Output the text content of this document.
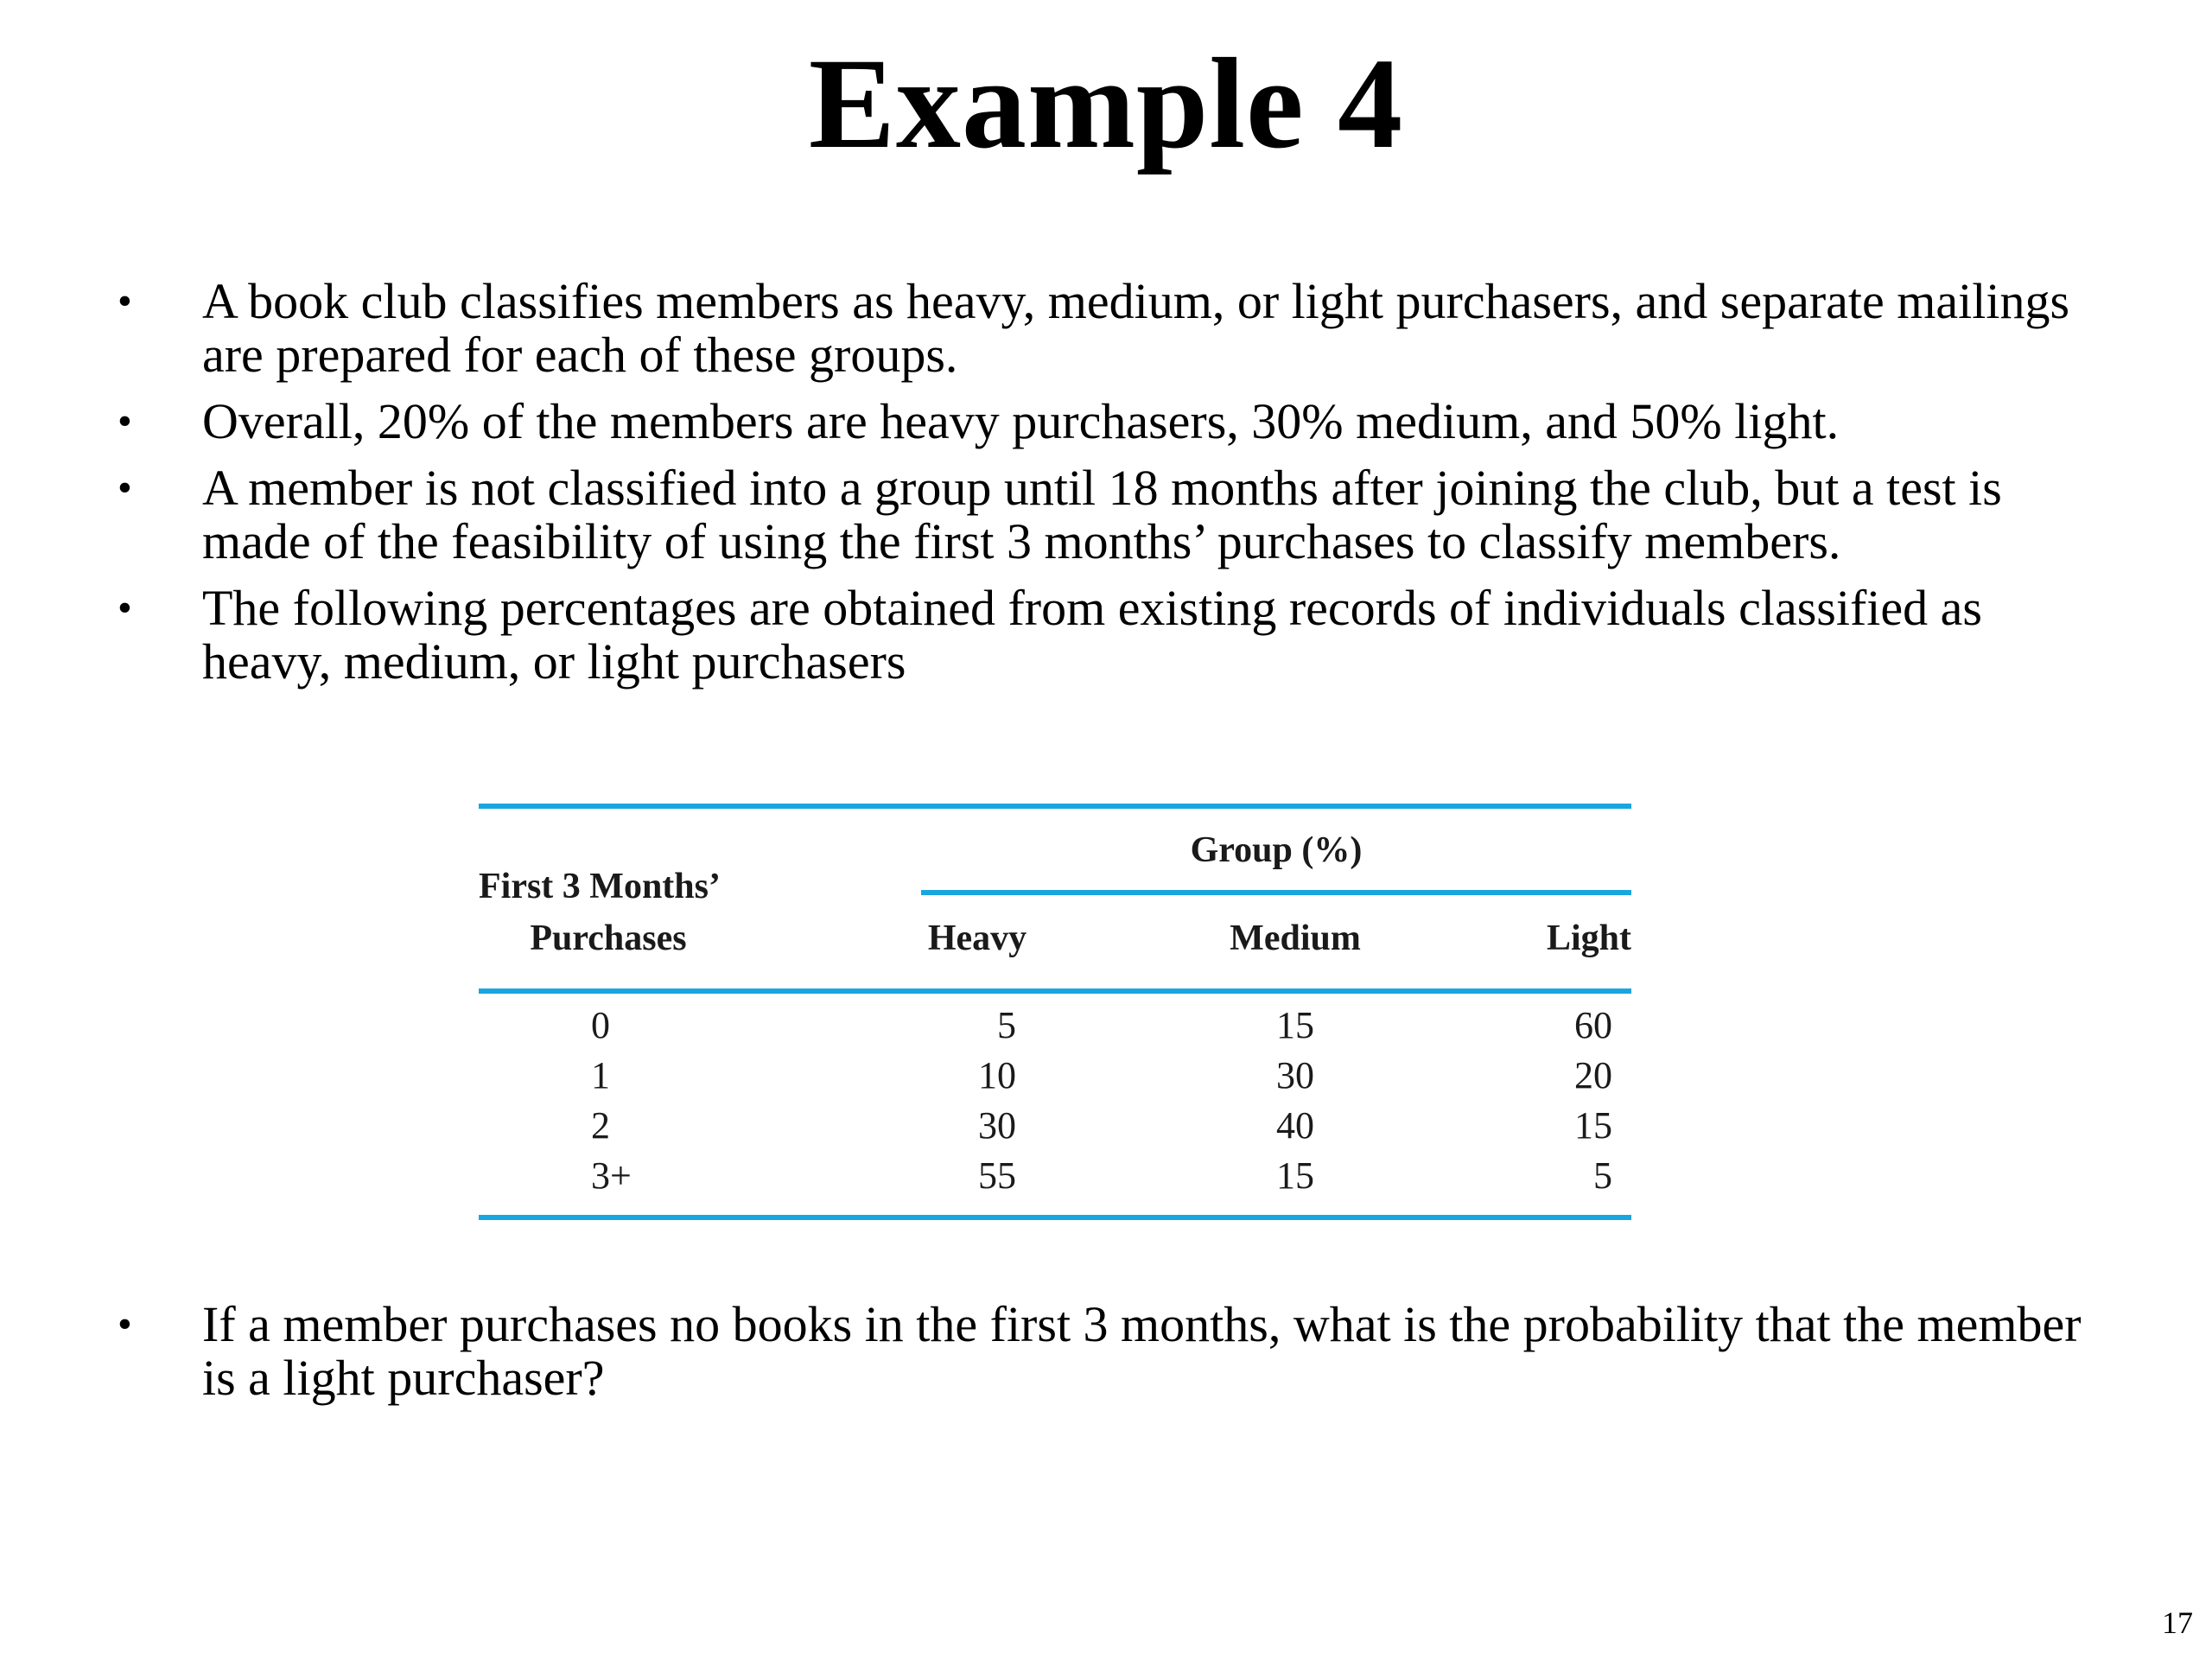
Example 4
• A book club classifies members as heavy, medium, or light purchasers, and separate mailings are prepared for each of these groups.
• Overall, 20% of the members are heavy purchasers, 30% medium, and 50% light.
• A member is not classified into a group until 18 months after joining the club, but a test is made of the feasibility of using the first 3 months’ purchases to classify members.
• The following percentages are obtained from existing records of individuals classified as heavy, medium, or light purchasers
Group (%)
First 3 Months’
Purchases	Heavy	Medium	Light
0	5	15	60
1	10	30	20
2	30	40	15
3+	55	15	5
• If a member purchases no books in the first 3 months, what is the probability that the member is a light purchaser?
17
